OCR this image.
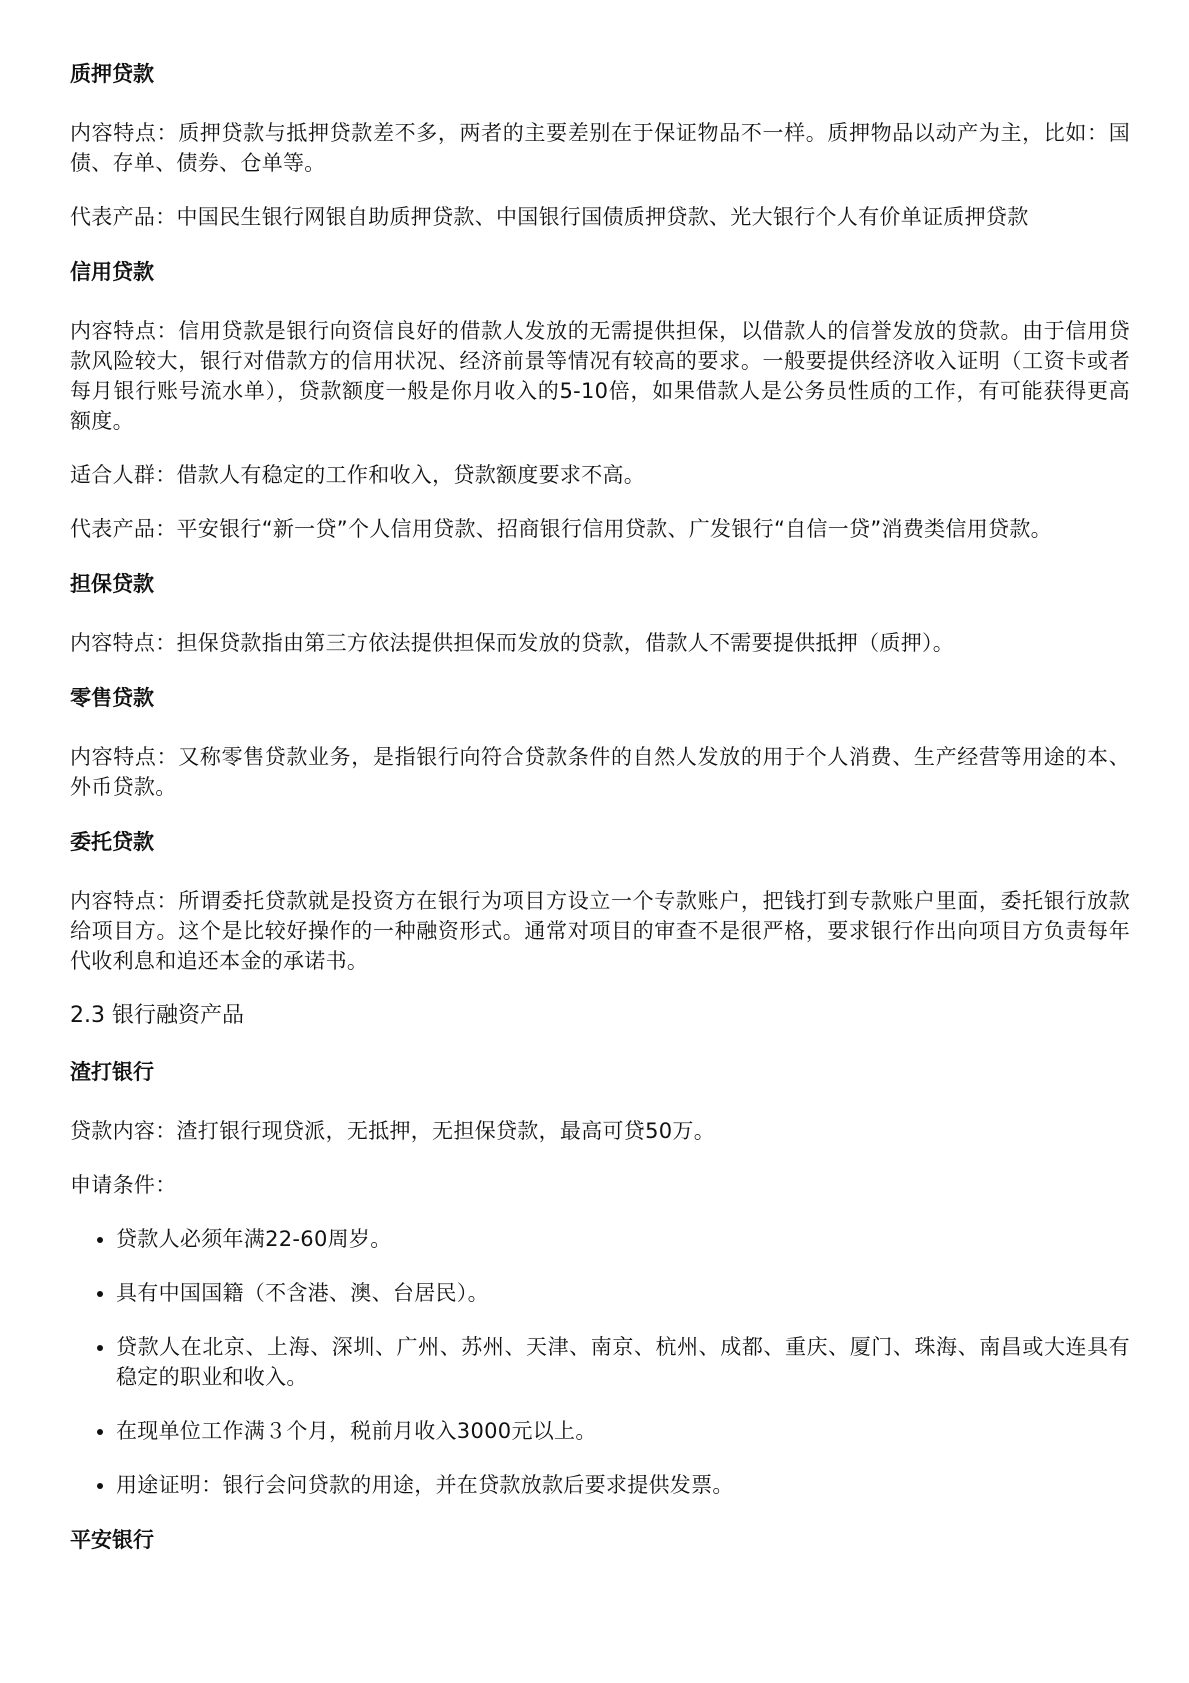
质押贷款

内容特点：质押贷款与抵押贷款差不多，两者的主要差别在于保证物品不一样。质押物品以动产为主，比如：国债、存单、债券、仓单等。

代表产品：中国民生银行网银自助质押贷款、中国银行国债质押贷款、光大银行个人有价单证质押贷款

信用贷款

内容特点：信用贷款是银行向资信良好的借款人发放的无需提供担保，以借款人的信誉发放的贷款。由于信用贷款风险较大，银行对借款方的信用状况、经济前景等情况有较高的要求。一般要提供经济收入证明（工资卡或者每月银行账号流水单），贷款额度一般是你月收入的5-10倍，如果借款人是公务员性质的工作，有可能获得更高额度。

适合人群：借款人有稳定的工作和收入，贷款额度要求不高。

代表产品：平安银行“新一贷”个人信用贷款、招商银行信用贷款、广发银行“自信一贷”消费类信用贷款。

担保贷款

内容特点：担保贷款指由第三方依法提供担保而发放的贷款，借款人不需要提供抵押（质押）。

零售贷款

内容特点：又称零售贷款业务，是指银行向符合贷款条件的自然人发放的用于个人消费、生产经营等用途的本、外币贷款。

委托贷款

内容特点：所谓委托贷款就是投资方在银行为项目方设立一个专款账户，把钱打到专款账户里面，委托银行放款给项目方。这个是比较好操作的一种融资形式。通常对项目的审查不是很严格，要求银行作出向项目方负责每年代收利息和追还本金的承诺书。

2.3 银行融资产品
渣打银行

贷款内容：渣打银行现贷派，无抵押，无担保贷款，最高可贷50万。

申请条件：

• 贷款人必须年满22-60周岁。
• 具有中国国籍（不含港、澳、台居民）。
• 贷款人在北京、上海、深圳、广州、苏州、天津、南京、杭州、成都、重庆、厦门、珠海、南昌或大连具有稳定的职业和收入。
• 在现单位工作满３个月，税前月收入3000元以上。
• 用途证明：银行会问贷款的用途，并在贷款放款后要求提供发票。
平安银行
